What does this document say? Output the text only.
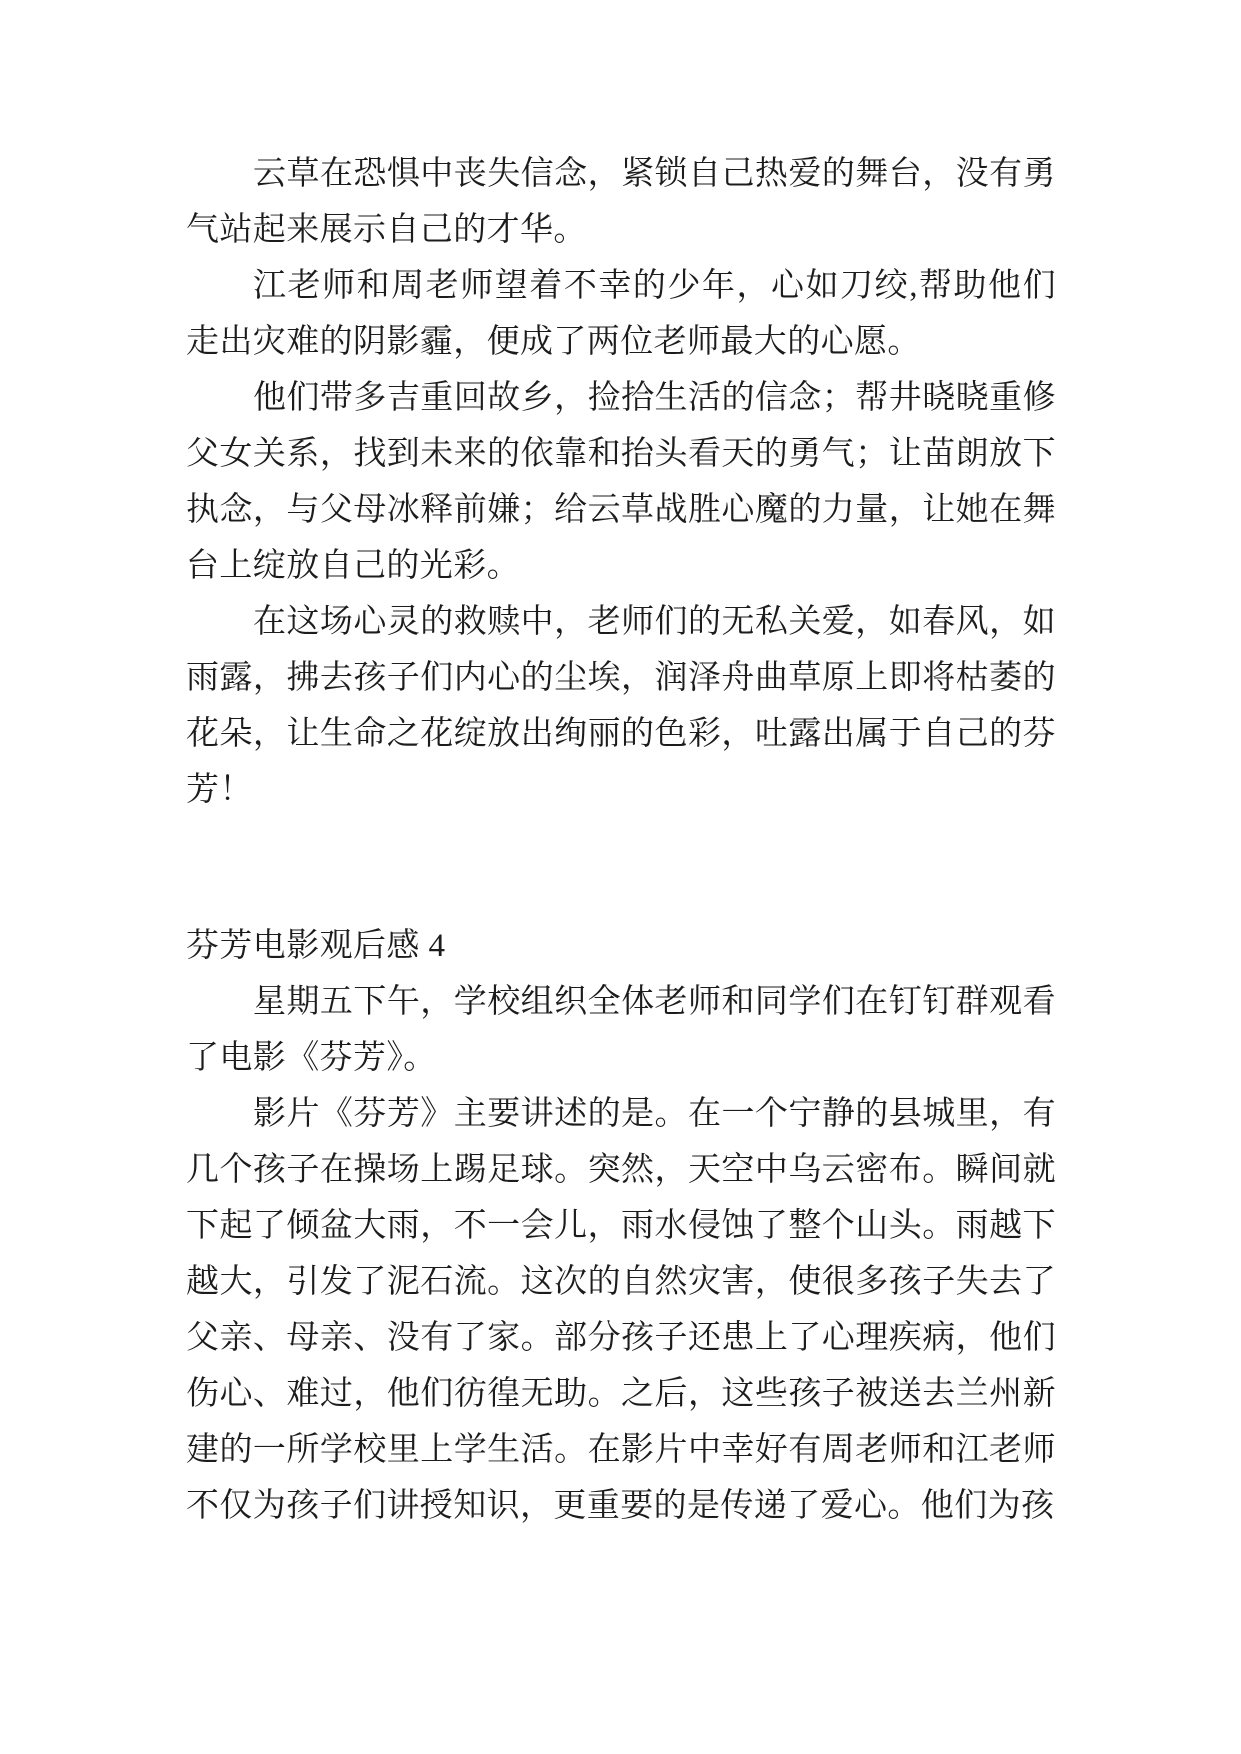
云草在恐惧中丧失信念，紧锁自己热爱的舞台，没有勇气站起来展示自己的才华。

江老师和周老师望着不幸的少年，心如刀绞,帮助他们走出灾难的阴影霾，便成了两位老师最大的心愿。

他们带多吉重回故乡，捡拾生活的信念；帮井晓晓重修父女关系，找到未来的依靠和抬头看天的勇气；让苗朗放下执念，与父母冰释前嫌；给云草战胜心魔的力量，让她在舞台上绽放自己的光彩。

在这场心灵的救赎中，老师们的无私关爱，如春风，如雨露，拂去孩子们内心的尘埃，润泽舟曲草原上即将枯萎的花朵，让生命之花绽放出绚丽的色彩，吐露出属于自己的芬芳！

芬芳电影观后感 4

星期五下午，学校组织全体老师和同学们在钉钉群观看了电影《芬芳》。

影片《芬芳》主要讲述的是。在一个宁静的县城里，有几个孩子在操场上踢足球。突然，天空中乌云密布。瞬间就下起了倾盆大雨，不一会儿，雨水侵蚀了整个山头。雨越下越大，引发了泥石流。这次的自然灾害，使很多孩子失去了父亲、母亲、没有了家。部分孩子还患上了心理疾病，他们伤心、难过，他们彷徨无助。之后，这些孩子被送去兰州新建的一所学校里上学生活。在影片中幸好有周老师和江老师不仅为孩子们讲授知识，更重要的是传递了爱心。他们为孩
